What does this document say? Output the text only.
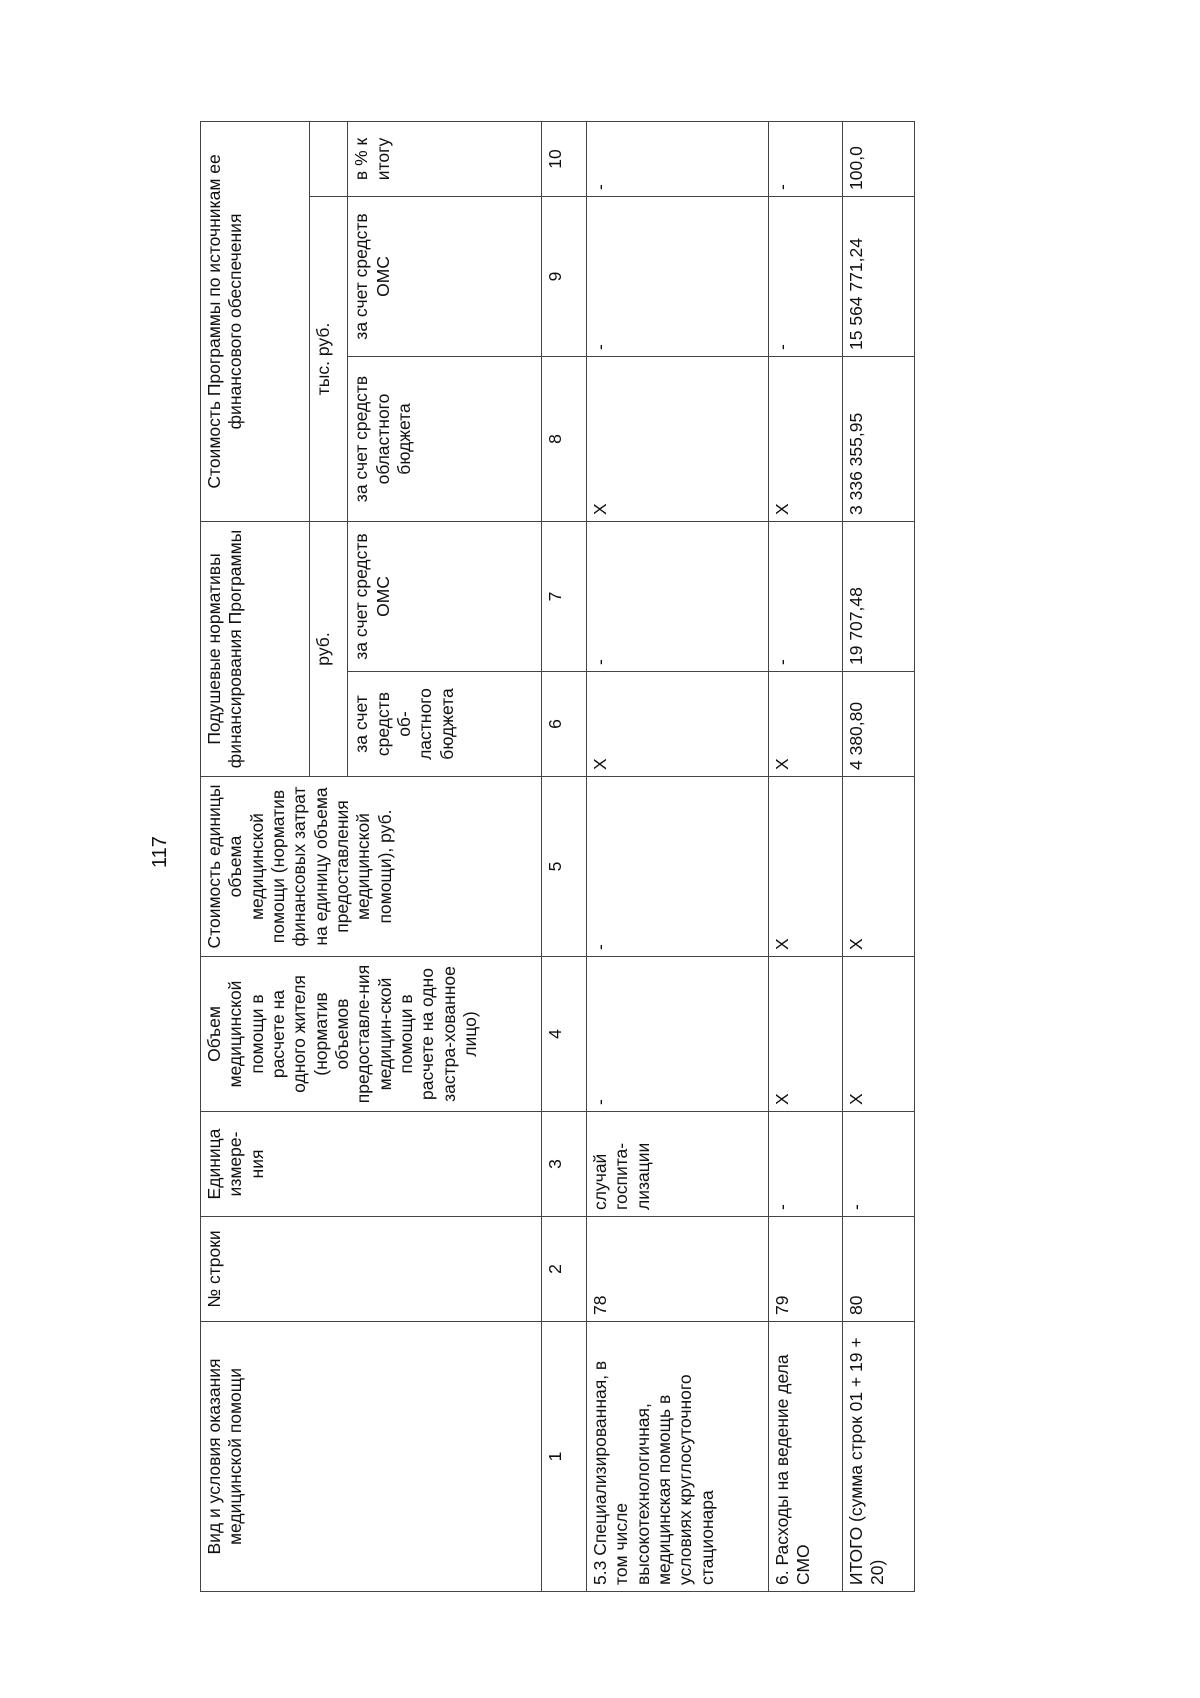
117
Вид и условия оказания медицинской помощи	№ строки	Единица измере-ния	Объем медицинской помощи в расчете на одного жителя (норматив объемов предоставле-ния медицин-ской помощи в расчете на одно застра-хованное лицо)	Стоимость единицы объема медицинской помощи (норматив финансовых затрат на единицу объема предоставления медицинской помощи), руб.	Подушевые нормативы финансирования Программы		Стоимость Программы по источникам ее финансового обеспечения		
					руб.		тыс. руб.		
					за счет средств об-ластного бюджета	за счет средств ОМС	за счет средств областного бюджета	за счет средств ОМС	в % к итогу
1	2	3	4	5	6	7	8	9	10
5.3 Специализированная, в том числе высокотехнологичная, медицинская помощь в условиях круглосуточного стационара	78	случай госпита-лизации	-	-	X	-	X	-	-
6. Расходы на ведение дела СМО	79	-	X	X	X	-	X	-	-
ИТОГО (сумма строк 01 + 19 + 20)	80	-	X	X	4 380,80	19 707,48	3 336 355,95	15 564 771,24	100,0
